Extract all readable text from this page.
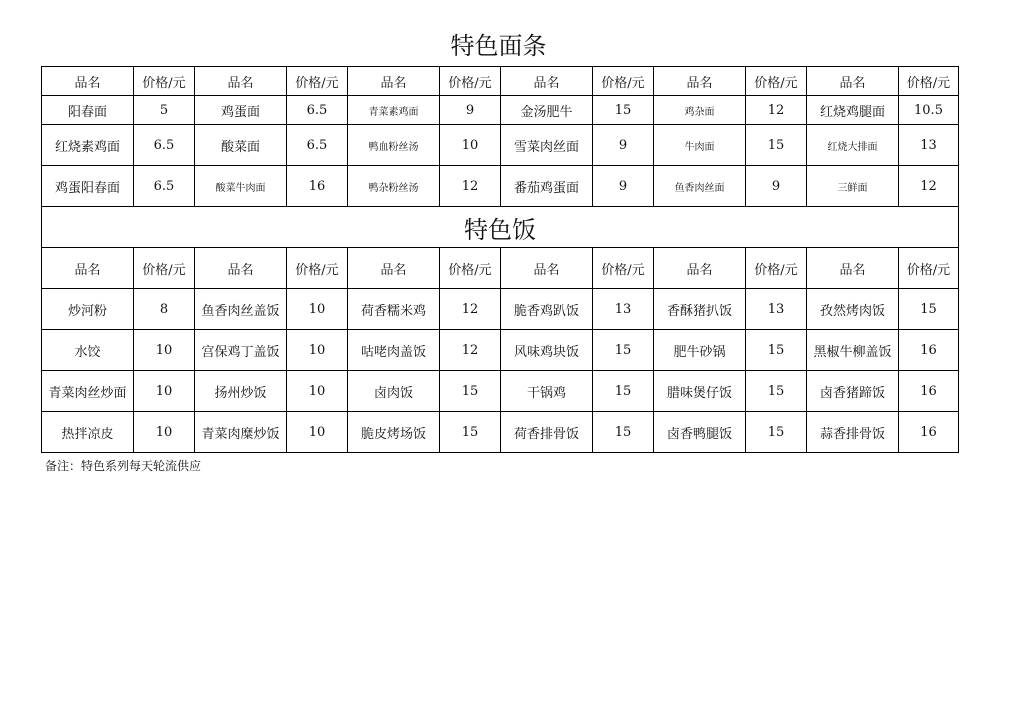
特色面条
品名	价格/元	品名	价格/元	品名	价格/元	品名	价格/元	品名	价格/元	品名	价格/元
阳春面	5	鸡蛋面	6.5	青菜素鸡面	9	金汤肥牛	15	鸡杂面	12	红烧鸡腿面	10.5
红烧素鸡面	6.5	酸菜面	6.5	鸭血粉丝汤	10	雪菜肉丝面	9	牛肉面	15	红烧大排面	13
鸡蛋阳春面	6.5	酸菜牛肉面	16	鸭杂粉丝汤	12	番茄鸡蛋面	9	鱼香肉丝面	9	三鲜面	12
特色饭											
品名	价格/元	品名	价格/元	品名	价格/元	品名	价格/元	品名	价格/元	品名	价格/元
炒河粉	8	鱼香肉丝盖饭	10	荷香糯米鸡	12	脆香鸡趴饭	13	香酥猪扒饭	13	孜然烤肉饭	15
水饺	10	宫保鸡丁盖饭	10	咕咾肉盖饭	12	风味鸡块饭	15	肥牛砂锅	15	黑椒牛柳盖饭	16
青菜肉丝炒面	10	扬州炒饭	10	卤肉饭	15	干锅鸡	15	腊味煲仔饭	15	卤香猪蹄饭	16
热拌凉皮	10	青菜肉糜炒饭	10	脆皮烤场饭	15	荷香排骨饭	15	卤香鸭腿饭	15	蒜香排骨饭	16
备注：特色系列每天轮流供应
